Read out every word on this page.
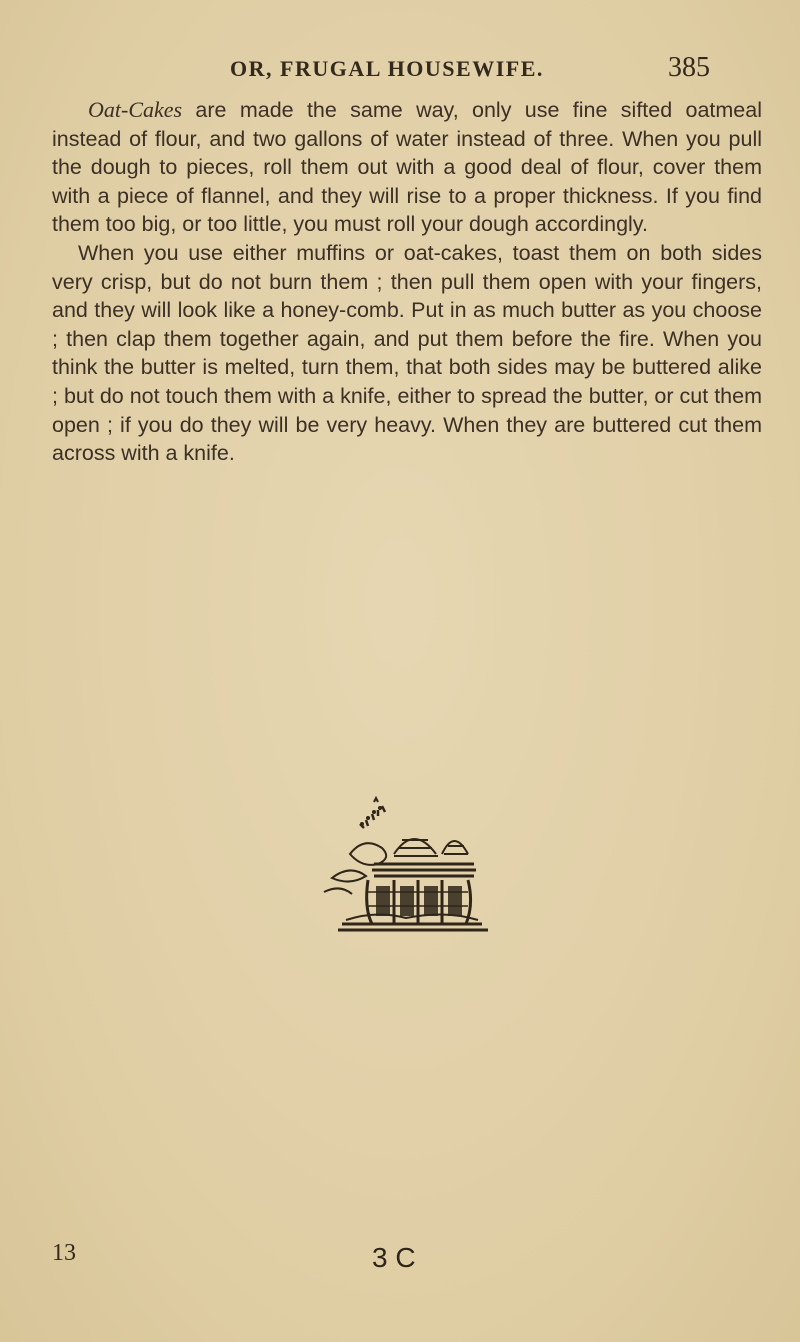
OR, FRUGAL HOUSEWIFE.	385

Oat-Cakes are made the same way, only use fine sifted oatmeal instead of flour, and two gallons of water instead of three. When you pull the dough to pieces, roll them out with a good deal of flour, cover them with a piece of flannel, and they will rise to a proper thickness. If you find them too big, or too little, you must roll your dough accordingly.

When you use either muffins or oat-cakes, toast them on both sides very crisp, but do not burn them ; then pull them open with your fingers, and they will look like a honey-comb. Put in as much butter as you choose ; then clap them together again, and put them before the fire. When you think the butter is melted, turn them, that both sides may be buttered alike ; but do not touch them with a knife, either to spread the butter, or cut them open ; if you do they will be very heavy. When they are buttered cut them across with a knife.

13	3 C
